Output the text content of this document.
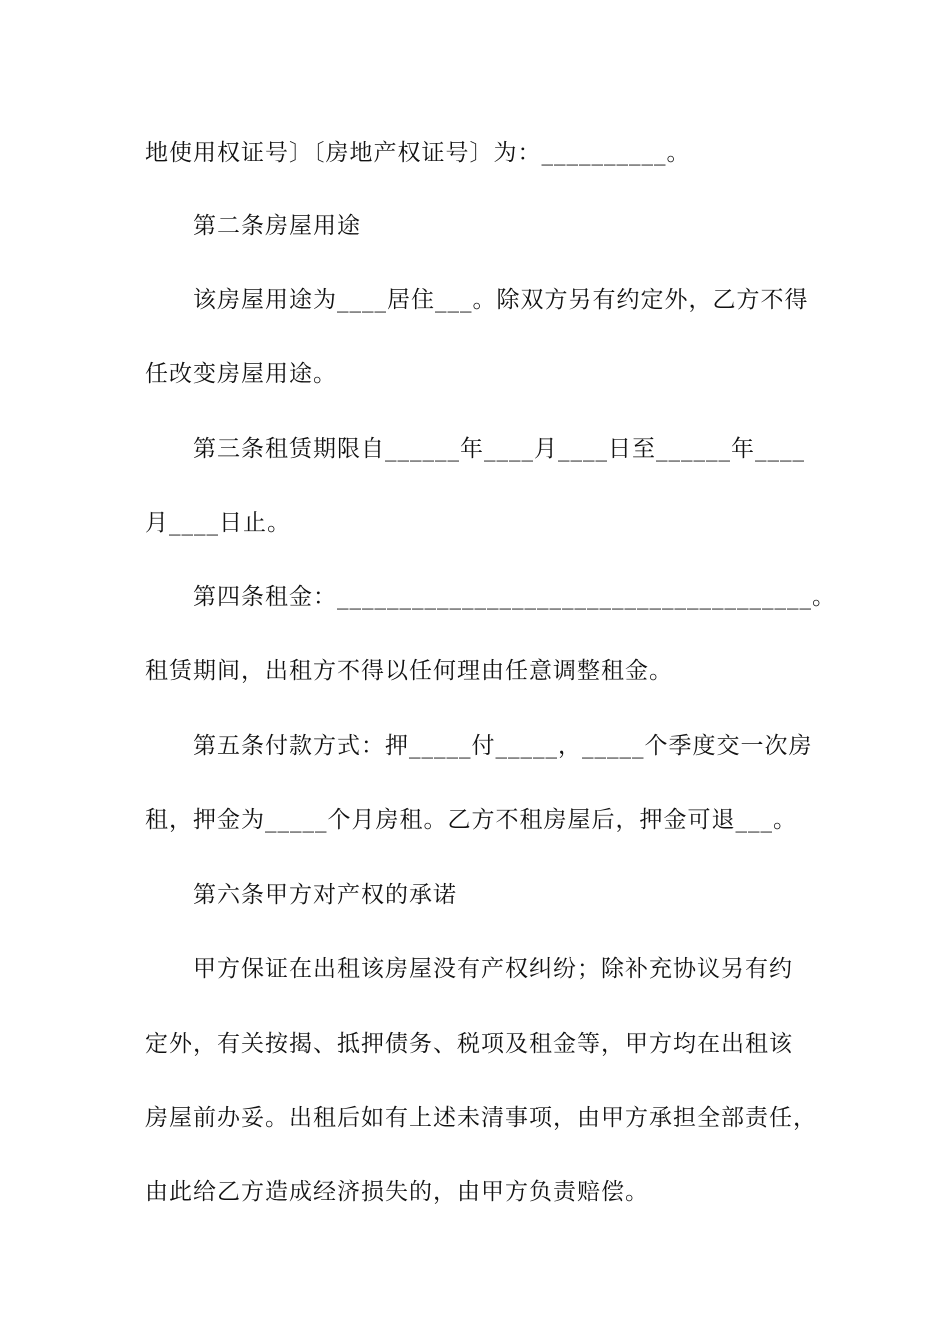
地使用权证号〕〔房地产权证号〕为：__________。
第二条房屋用途
该房屋用途为____居住___。除双方另有约定外，乙方不得
任改变房屋用途。
第三条租赁期限自______年____月____日至______年____
月____日止。
第四条租金：______________________________________。
租赁期间，出租方不得以任何理由任意调整租金。
第五条付款方式：押_____付_____，_____个季度交一次房
租，押金为_____个月房租。乙方不租房屋后，押金可退___。
第六条甲方对产权的承诺
甲方保证在出租该房屋没有产权纠纷；除补充协议另有约
定外，有关按揭、抵押债务、税项及租金等，甲方均在出租该
房屋前办妥。出租后如有上述未清事项，由甲方承担全部责任，
由此给乙方造成经济损失的，由甲方负责赔偿。
